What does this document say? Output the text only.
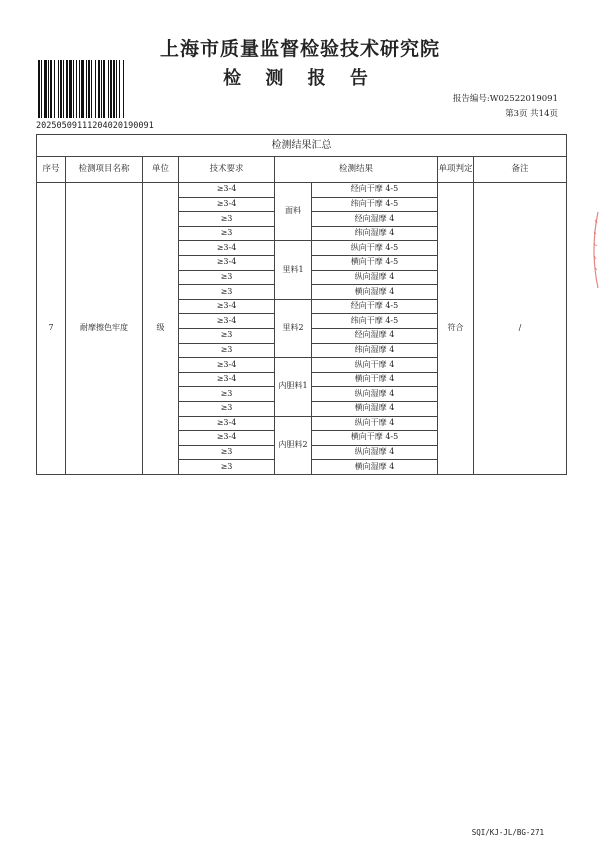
上海市质量监督检验技术研究院
检 测 报 告
20250509111204020190091
报告编号:W02522019091
第3页 共14页
检测结果汇总							
序号	检测项目名称	单位	技术要求	检测结果		单项判定	备注
7	耐摩擦色牢度	级	≥3-4	面料	经向干摩 4-5	符合	/
			≥3-4		纬向干摩 4-5		
			≥3		经向湿摩 4		
			≥3		纬向湿摩 4		
			≥3-4	里料1	纵向干摩 4-5		
			≥3-4		横向干摩 4-5		
			≥3		纵向湿摩 4		
			≥3		横向湿摩 4		
			≥3-4	里料2	经向干摩 4-5		
			≥3-4		纬向干摩 4-5		
			≥3		经向湿摩 4		
			≥3		纬向湿摩 4		
			≥3-4	内胆料1	纵向干摩 4		
			≥3-4		横向干摩 4		
			≥3		纵向湿摩 4		
			≥3		横向湿摩 4		
			≥3-4	内胆料2	纵向干摩 4		
			≥3-4		横向干摩 4-5		
			≥3		纵向湿摩 4		
			≥3		横向湿摩 4		
SQI/KJ-JL/BG-271
